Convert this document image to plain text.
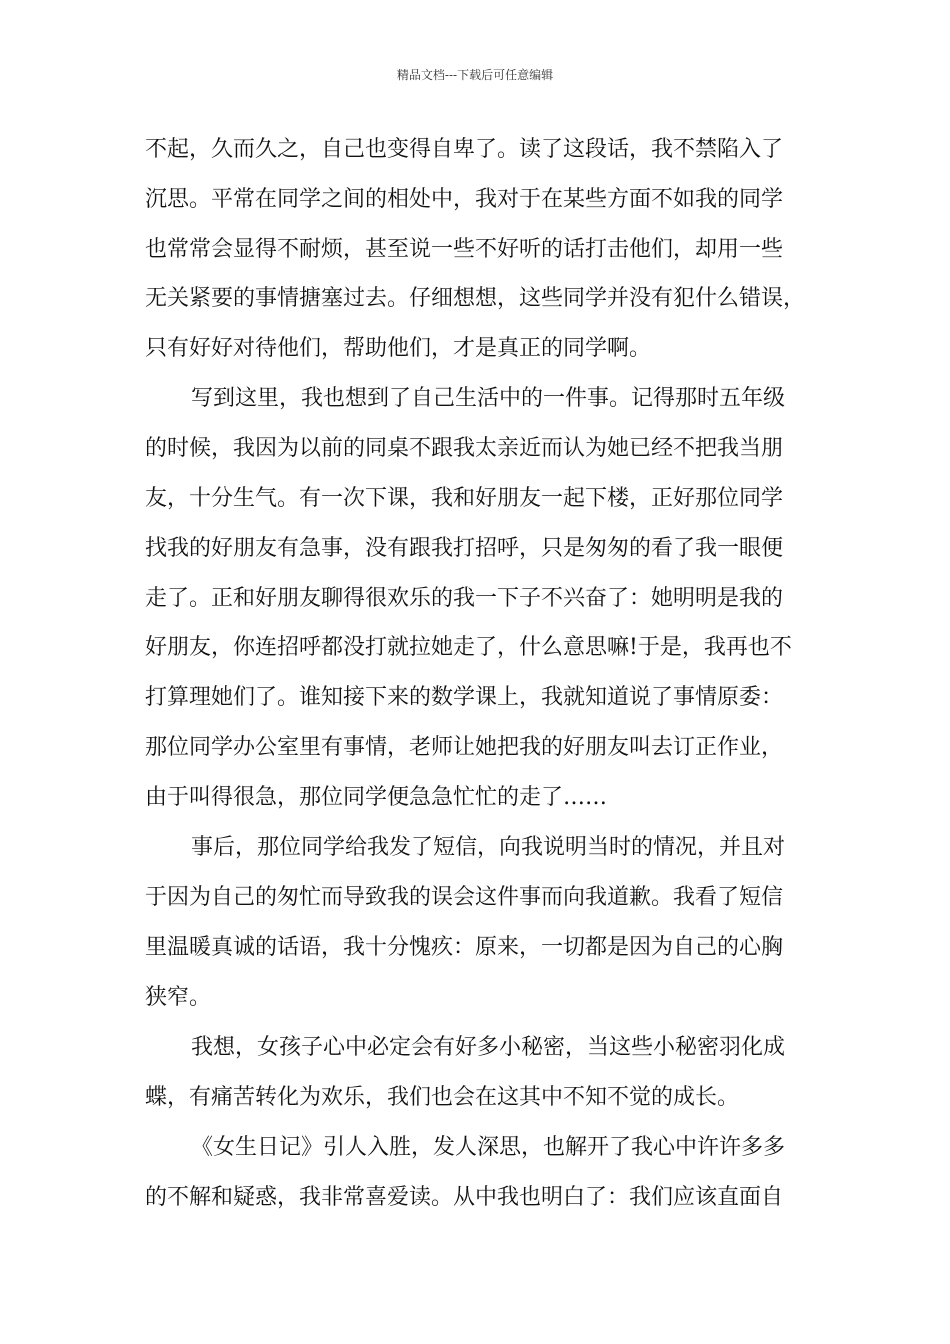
精品文档---下载后可任意编辑
不起，久而久之，自己也变得自卑了。读了这段话，我不禁陷入了
沉思。平常在同学之间的相处中，我对于在某些方面不如我的同学
也常常会显得不耐烦，甚至说一些不好听的话打击他们，却用一些
无关紧要的事情搪塞过去。仔细想想，这些同学并没有犯什么错误，
只有好好对待他们，帮助他们，才是真正的同学啊。
写到这里，我也想到了自己生活中的一件事。记得那时五年级
的时候，我因为以前的同桌不跟我太亲近而认为她已经不把我当朋
友，十分生气。有一次下课，我和好朋友一起下楼，正好那位同学
找我的好朋友有急事，没有跟我打招呼，只是匆匆的看了我一眼便
走了。正和好朋友聊得很欢乐的我一下子不兴奋了：她明明是我的
好朋友，你连招呼都没打就拉她走了，什么意思嘛!于是，我再也不
打算理她们了。谁知接下来的数学课上，我就知道说了事情原委：
那位同学办公室里有事情，老师让她把我的好朋友叫去订正作业，
由于叫得很急，那位同学便急急忙忙的走了……
事后，那位同学给我发了短信，向我说明当时的情况，并且对
于因为自己的匆忙而导致我的误会这件事而向我道歉。我看了短信
里温暖真诚的话语，我十分愧疚：原来，一切都是因为自己的心胸
狭窄。
我想，女孩子心中必定会有好多小秘密，当这些小秘密羽化成
蝶，有痛苦转化为欢乐，我们也会在这其中不知不觉的成长。
《女生日记》引人入胜，发人深思，也解开了我心中许许多多
的不解和疑惑，我非常喜爱读。从中我也明白了：我们应该直面自
